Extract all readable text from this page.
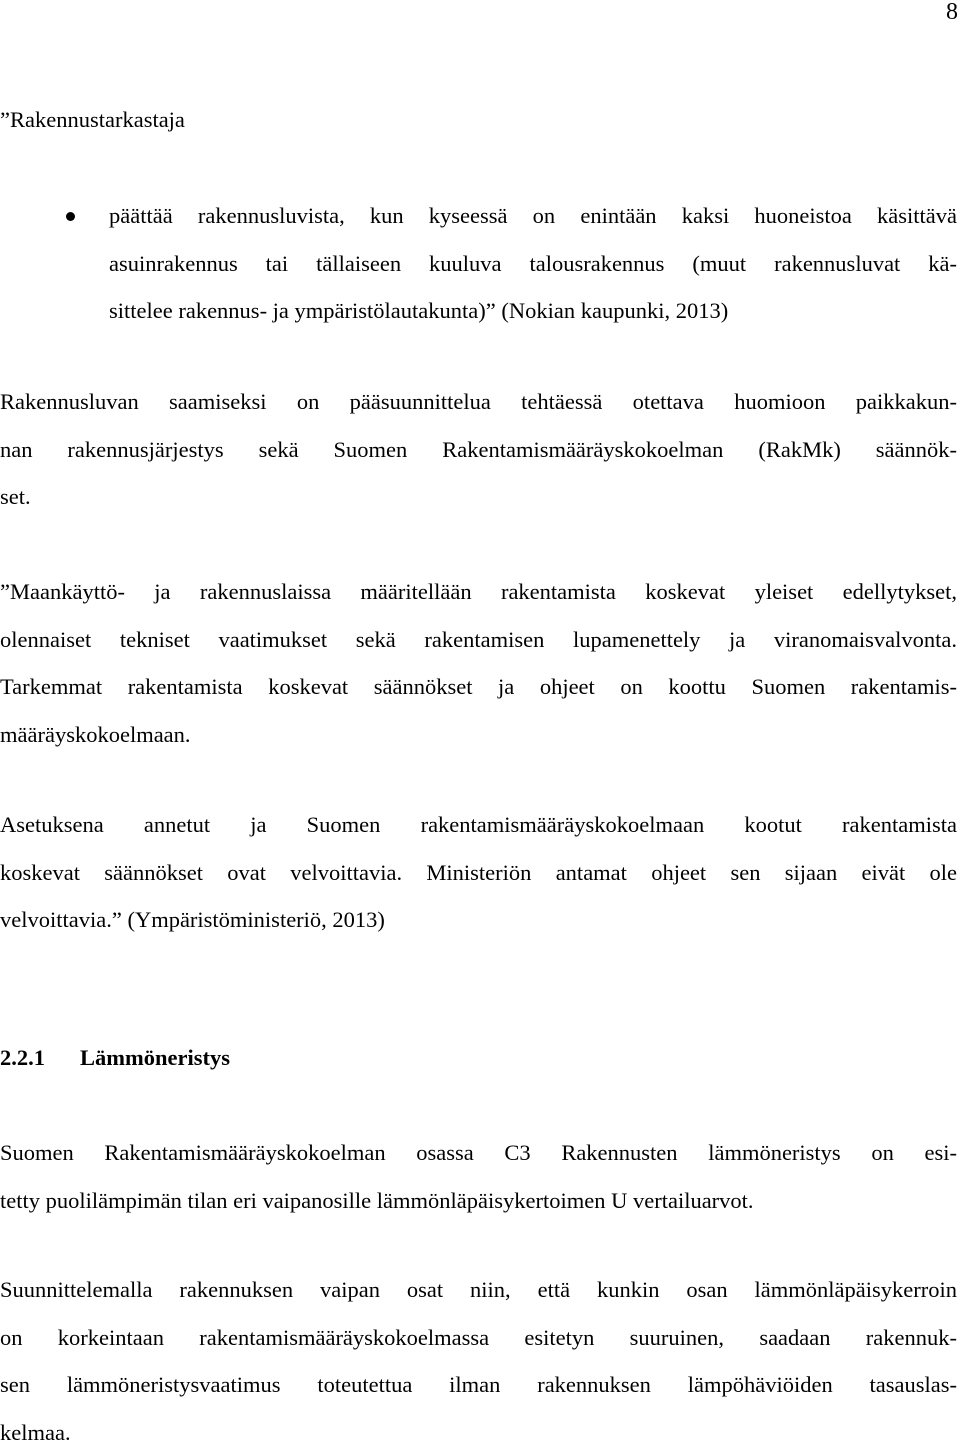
8

”Rakennustarkastaja

päättää rakennusluvista, kun kyseessä on enintään kaksi huoneistoa käsittävä
asuinrakennus tai tällaiseen kuuluva talousrakennus (muut rakennusluvat kä-
sittelee rakennus- ja ympäristölautakunta)” (Nokian kaupunki, 2013)

Rakennusluvan saamiseksi on pääsuunnittelua tehtäessä otettava huomioon paikkakun-
nan rakennusjärjestys sekä Suomen Rakentamismääräyskokoelman (RakMk) säännök-
set.

”Maankäyttö- ja rakennuslaissa määritellään rakentamista koskevat yleiset edellytykset,
olennaiset tekniset vaatimukset sekä rakentamisen lupamenettely ja viranomaisvalvonta.
Tarkemmat rakentamista koskevat säännökset ja ohjeet on koottu Suomen rakentamis-
määräyskokoelmaan.

Asetuksena annetut ja Suomen rakentamismääräyskokoelmaan kootut rakentamista
koskevat säännökset ovat velvoittavia. Ministeriön antamat ohjeet sen sijaan eivät ole
velvoittavia.” (Ympäristöministeriö, 2013)

2.2.1 Lämmöneristys

Suomen Rakentamismääräyskokoelman osassa C3 Rakennusten lämmöneristys on esi-
tetty puolilämpimän tilan eri vaipanosille lämmönläpäisykertoimen U vertailuarvot.

Suunnittelemalla rakennuksen vaipan osat niin, että kunkin osan lämmönläpäisykerroin
on korkeintaan rakentamismääräyskokoelmassa esitetyn suuruinen, saadaan rakennuk-
sen lämmöneristysvaatimus toteutettua ilman rakennuksen lämpöhäviöiden tasauslas-
kelmaa.
